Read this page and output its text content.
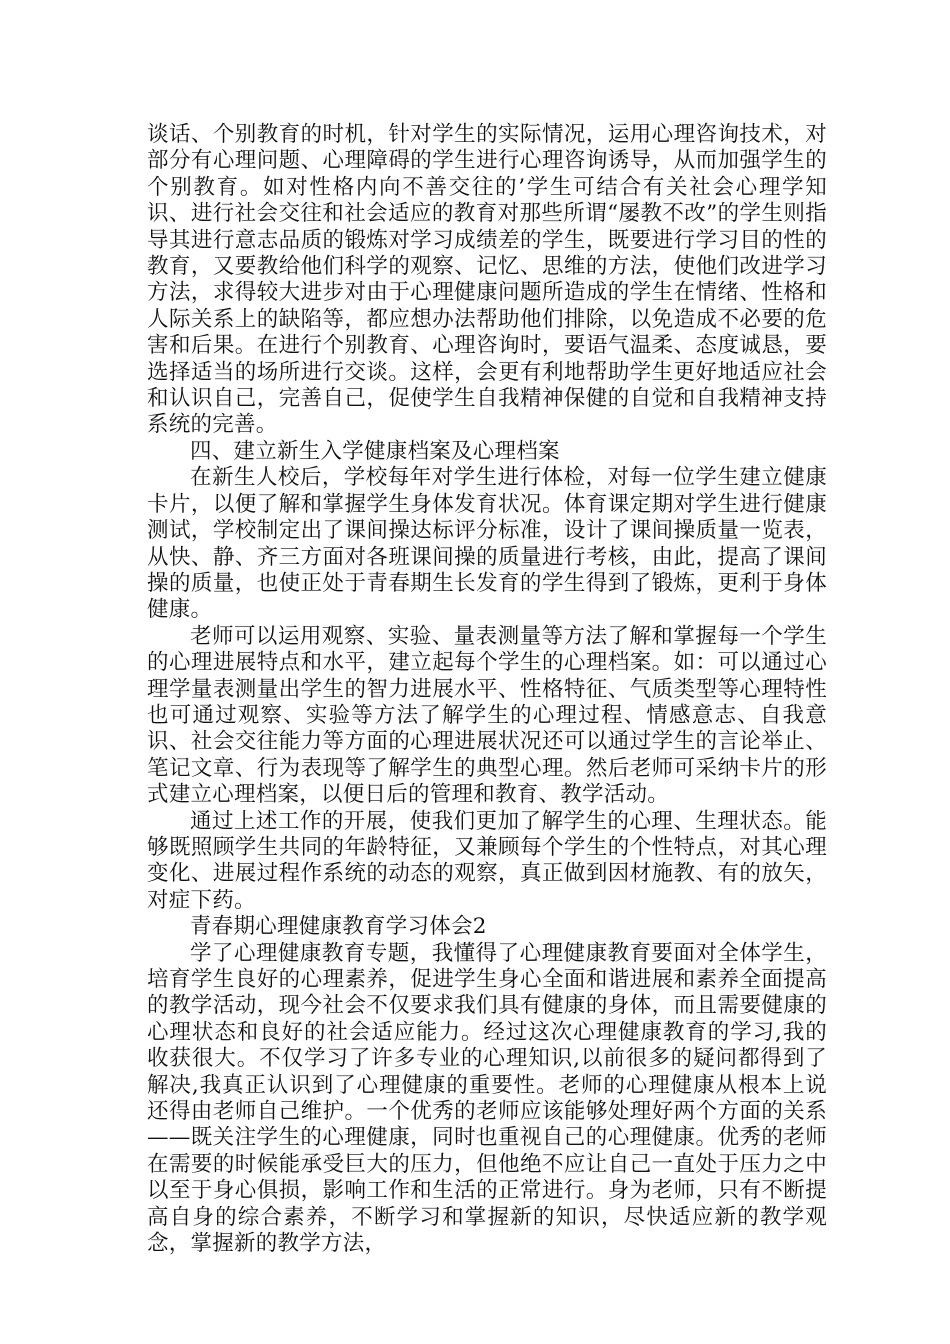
谈话、个别教育的时机，针对学生的实际情况，运用心理咨询技术，对部分有心理问题、心理障碍的学生进行心理咨询诱导，从而加强学生的个别教育。如对性格内向不善交往的’学生可结合有关社会心理学知识、进行社会交往和社会适应的教育对那些所谓“屡教不改”的学生则指导其进行意志品质的锻炼对学习成绩差的学生，既要进行学习目的性的教育，又要教给他们科学的观察、记忆、思维的方法，使他们改进学习方法，求得较大进步对由于心理健康问题所造成的学生在情绪、性格和人际关系上的缺陷等，都应想办法帮助他们排除，以免造成不必要的危害和后果。在进行个别教育、心理咨询时，要语气温柔、态度诚恳，要选择适当的场所进行交谈。这样，会更有利地帮助学生更好地适应社会和认识自己，完善自己，促使学生自我精神保健的自觉和自我精神支持系统的完善。

四、建立新生入学健康档案及心理档案

在新生人校后，学校每年对学生进行体检，对每一位学生建立健康卡片，以便了解和掌握学生身体发育状况。体育课定期对学生进行健康测试，学校制定出了课间操达标评分标准，设计了课间操质量一览表，从快、静、齐三方面对各班课间操的质量进行考核，由此，提高了课间操的质量，也使正处于青春期生长发育的学生得到了锻炼，更利于身体健康。

老师可以运用观察、实验、量表测量等方法了解和掌握每一个学生的心理进展特点和水平，建立起每个学生的心理档案。如：可以通过心理学量表测量出学生的智力进展水平、性格特征、气质类型等心理特性也可通过观察、实验等方法了解学生的心理过程、情感意志、自我意识、社会交往能力等方面的心理进展状况还可以通过学生的言论举止、笔记文章、行为表现等了解学生的典型心理。然后老师可采纳卡片的形式建立心理档案，以便日后的管理和教育、教学活动。

通过上述工作的开展，使我们更加了解学生的心理、生理状态。能够既照顾学生共同的年龄特征，又兼顾每个学生的个性特点，对其心理变化、进展过程作系统的动态的观察，真正做到因材施教、有的放矢，对症下药。

青春期心理健康教育学习体会2

学了心理健康教育专题，我懂得了心理健康教育要面对全体学生，培育学生良好的心理素养，促进学生身心全面和谐进展和素养全面提高的教学活动，现今社会不仅要求我们具有健康的身体，而且需要健康的心理状态和良好的社会适应能力。经过这次心理健康教育的学习,我的收获很大。不仅学习了许多专业的心理知识,以前很多的疑问都得到了解决,我真正认识到了心理健康的重要性。老师的心理健康从根本上说还得由老师自己维护。一个优秀的老师应该能够处理好两个方面的关系——既关注学生的心理健康，同时也重视自己的心理健康。优秀的老师在需要的时候能承受巨大的压力，但他绝不应让自己一直处于压力之中以至于身心俱损，影响工作和生活的正常进行。身为老师，只有不断提高自身的综合素养，不断学习和掌握新的知识，尽快适应新的教学观念，掌握新的教学方法，
